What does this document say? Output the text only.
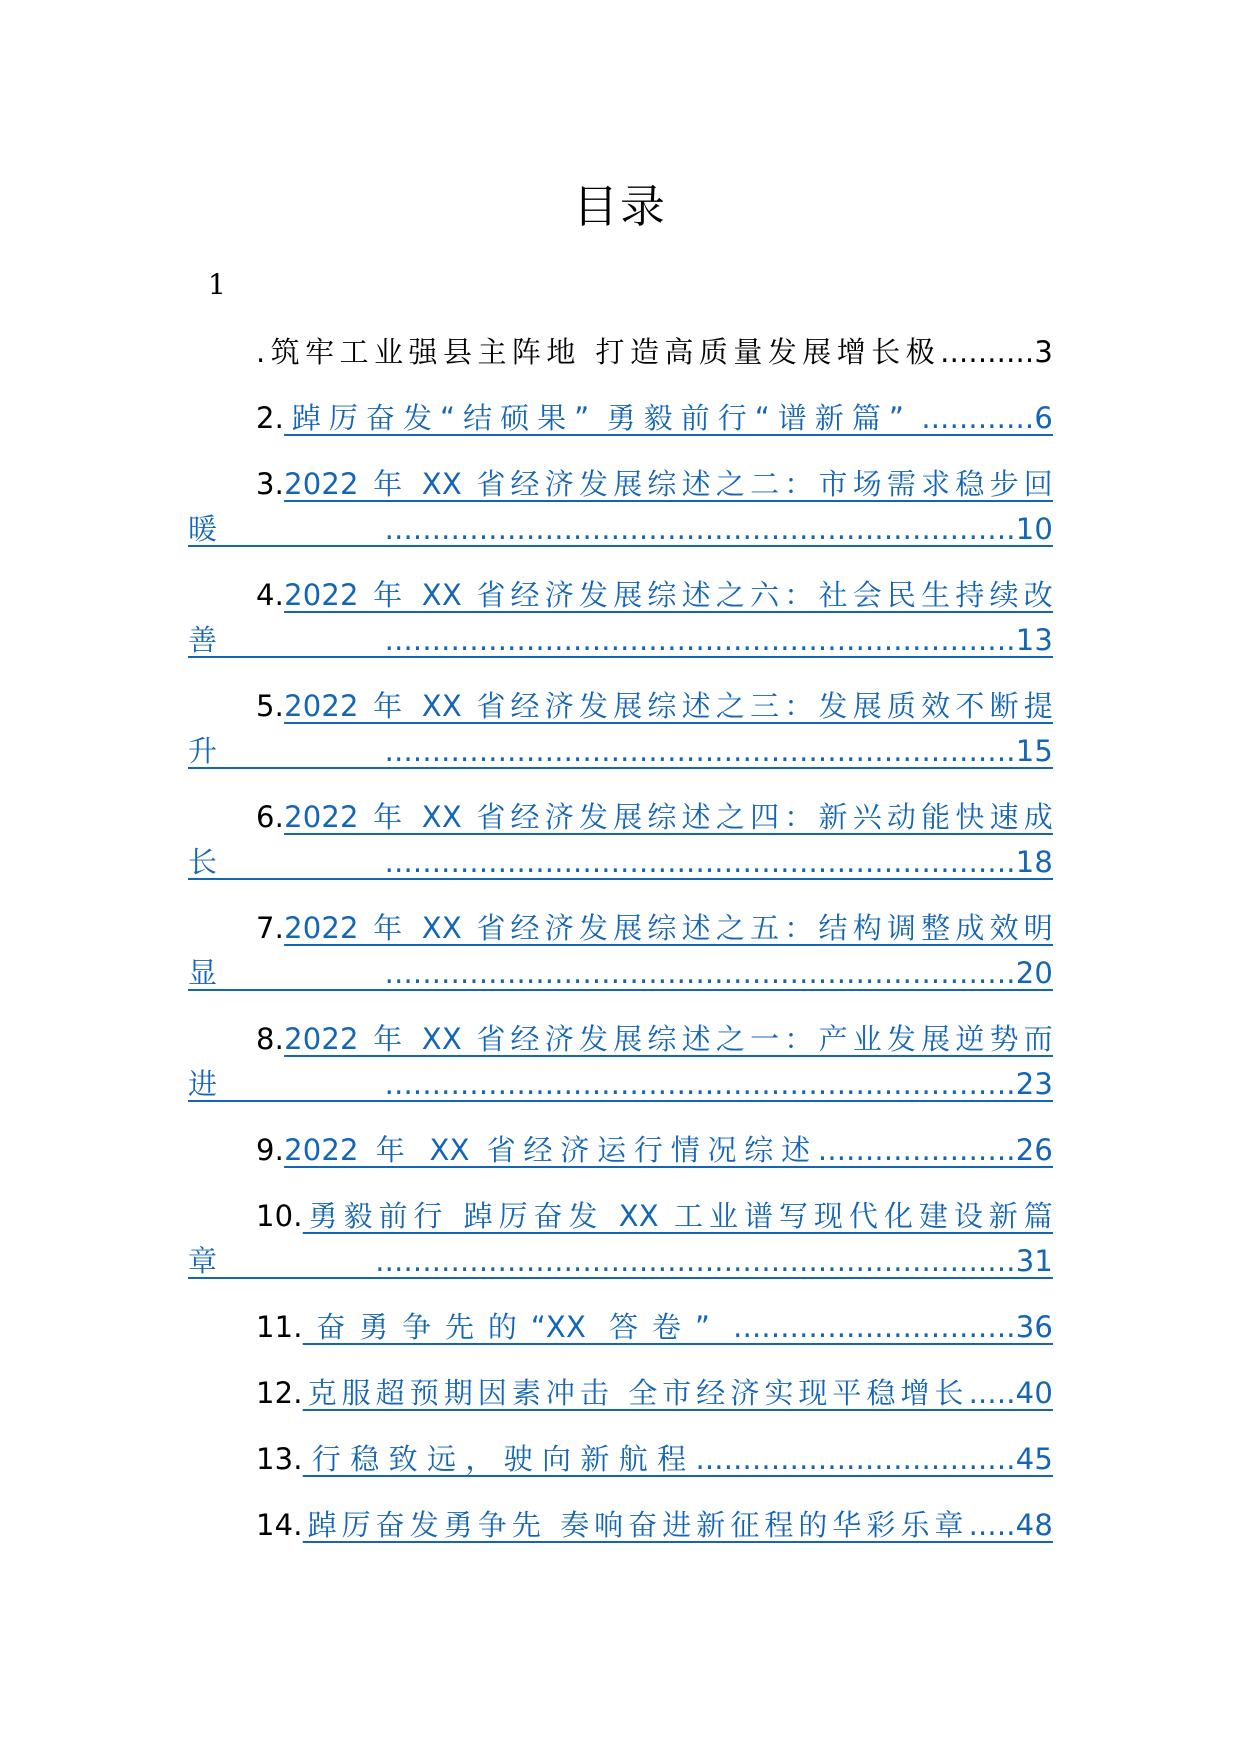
目录
1
.筑牢工业强县主阵地 打造高质量发展增长极..........3
2.踔厉奋发“结硕果” 勇毅前行“谱新篇” ............6
3.2022 年 XX 省经济发展综述之二：市场需求稳步回暖...................................................................10
4.2022 年 XX 省经济发展综述之六：社会民生持续改善...................................................................13
5.2022 年 XX 省经济发展综述之三：发展质效不断提升...................................................................15
6.2022 年 XX 省经济发展综述之四：新兴动能快速成长...................................................................18
7.2022 年 XX 省经济发展综述之五：结构调整成效明显...................................................................20
8.2022 年 XX 省经济发展综述之一：产业发展逆势而进...................................................................23
9.2022 年 XX 省经济运行情况综述.....................26
10.勇毅前行 踔厉奋发 XX 工业谱写现代化建设新篇章....................................................................31
11.奋勇争先的“XX 答卷” ..............................36
12.克服超预期因素冲击 全市经济实现平稳增长.....40
13.行稳致远，驶向新航程..................................45
14.踔厉奋发勇争先 奏响奋进新征程的华彩乐章.....48
